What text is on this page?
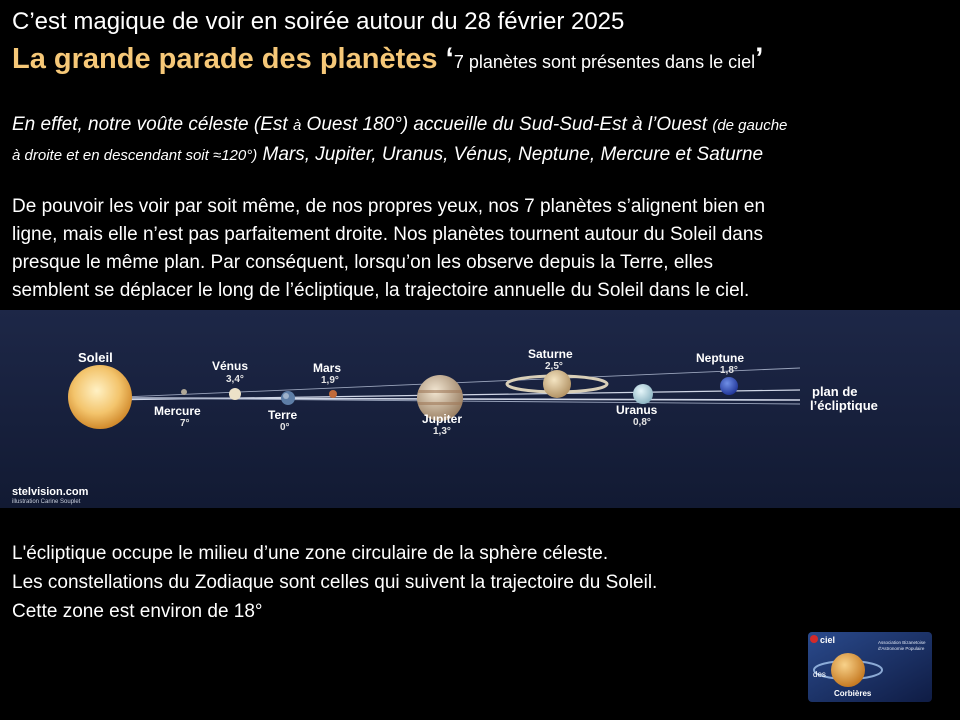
C’est magique de voir en soirée autour du 28 février 2025
La grande parade des planètes ‘7 planètes sont présentes dans le ciel’
En effet, notre voûte céleste (Est à Ouest 180°) accueille du Sud-Sud-Est à l’Ouest (de gauche
à droite et en descendant soit ≈120°) Mars, Jupiter, Uranus, Vénus, Neptune, Mercure et Saturne
De pouvoir les voir par soit même, de nos propres yeux, nos 7 planètes s’alignent bien en
ligne, mais elle n’est pas parfaitement droite. Nos planètes tournent autour du Soleil dans
presque le même plan. Par conséquent, lorsqu’on les observe depuis la Terre, elles
semblent se déplacer le long de l’écliptique, la trajectoire annuelle du Soleil dans le ciel.
Soleil
Mercure
7°
Vénus
3,4°
Terre
0°
Mars
1,9°
Jupiter
1,3°
Saturne
2,5°
Uranus
0,8°
Neptune
1,8°
plan de
l’écliptique
stelvision.com
illustration Carine Souplet
L'écliptique occupe le milieu d’une zone circulaire de la sphère céleste.
Les constellations du Zodiaque sont celles qui suivent la trajectoire du Soleil.
Cette zone est environ de 18°
ciel
des
Corbières
Association Bizanetoise
d'Astronomie Populaire
